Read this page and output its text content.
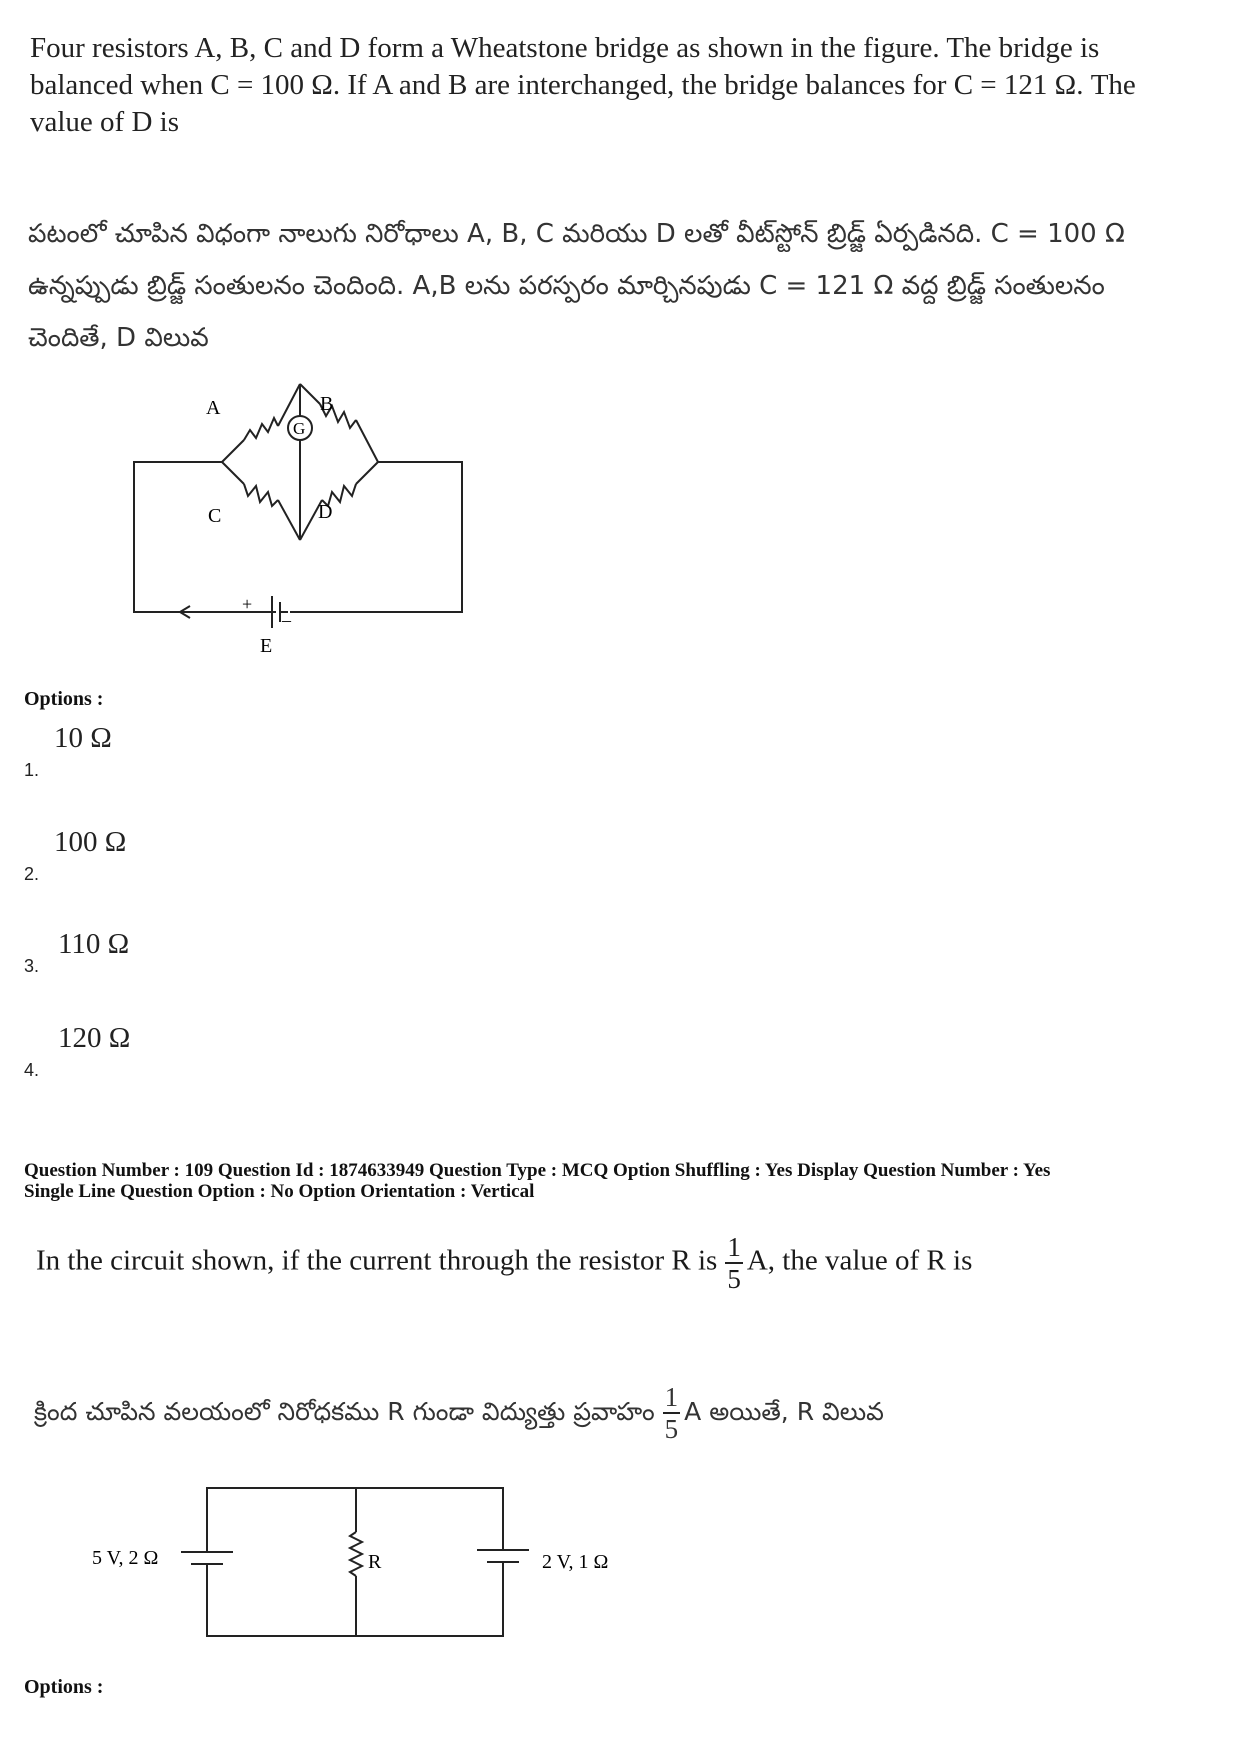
Four resistors A, B, C and D form a Wheatstone bridge as shown in the figure. The bridge is balanced when C = 100 Ω. If A and B are interchanged, the bridge balances for C = 121 Ω. The value of D is
పటంలో చూపిన విధంగా నాలుగు నిరోధాలు A, B, C మరియు D లతో వీట్‌స్టోన్ బ్రిడ్జ్ ఏర్పడినది. C = 100 Ω ఉన్నప్పుడు బ్రిడ్జ్ సంతులనం చెందింది. A,B లను పరస్పరం మార్చినపుడు C = 121 Ω వద్ద బ్రిడ్జ్ సంతులనం చెందితే, D విలువ
A	B
C	D
G
+
–
E
Options :
10 Ω
1.
100 Ω
2.
110 Ω
3.
120 Ω
4.
Question Number : 109 Question Id : 1874633949 Question Type : MCQ Option Shuffling : Yes Display Question Number : Yes
Single Line Question Option : No Option Orientation : Vertical
In the circuit shown, if the current through the resistor R is $\frac{1}{5} A$, the value of R is
క్రింద చూపిన వలయంలో నిరోధకము R గుండా విద్యుత్తు ప్రవాహం $\frac{1}{5}$ A అయితే, R విలువ
5 V, 2 Ω	R	2 V, 1 Ω
Options :
